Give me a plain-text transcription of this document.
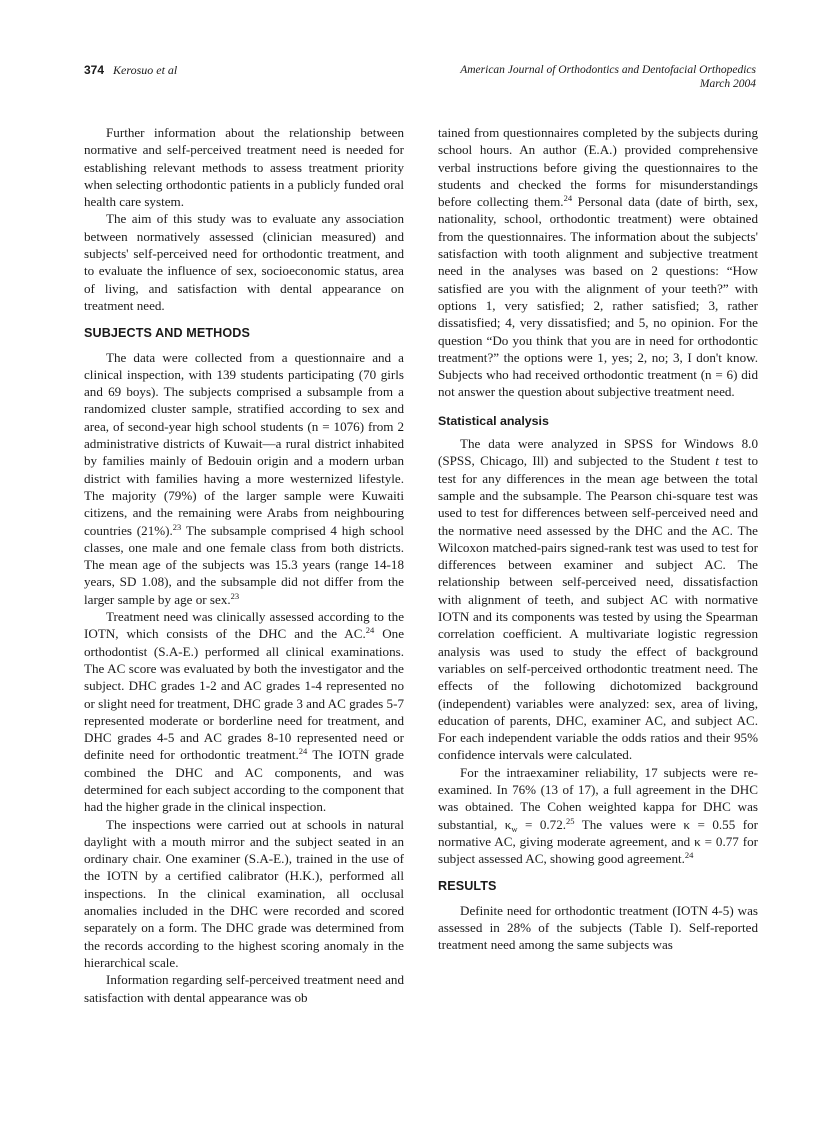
374 Kerosuo et al	American Journal of Orthodontics and Dentofacial Orthopedics
March 2004

Further information about the relationship between normative and self-perceived treatment need is needed for establishing relevant methods to assess treatment priority when selecting orthodontic patients in a publicly funded oral health care system.

The aim of this study was to evaluate any association between normatively assessed (clinician measured) and subjects' self-perceived need for orthodontic treatment, and to evaluate the influence of sex, socioeconomic status, area of living, and satisfaction with dental appearance on treatment need.

SUBJECTS AND METHODS

The data were collected from a questionnaire and a clinical inspection, with 139 students participating (70 girls and 69 boys). The subjects comprised a subsample from a randomized cluster sample, stratified according to sex and area, of second-year high school students (n = 1076) from 2 administrative districts of Kuwait—a rural district inhabited by families mainly of Bedouin origin and a modern urban district with families having a more westernized lifestyle. The majority (79%) of the larger sample were Kuwaiti citizens, and the remaining were Arabs from neighbouring countries (21%).$^{23}$ The subsample comprised 4 high school classes, one male and one female class from both districts. The mean age of the subjects was 15.3 years (range 14-18 years, SD 1.08), and the subsample did not differ from the larger sample by age or sex.$^{23}$

Treatment need was clinically assessed according to the IOTN, which consists of the DHC and the AC.$^{24}$ One orthodontist (S.A-E.) performed all clinical examinations. The AC score was evaluated by both the investigator and the subject. DHC grades 1-2 and AC grades 1-4 represented no or slight need for treatment, DHC grade 3 and AC grades 5-7 represented moderate or borderline need for treatment, and DHC grades 4-5 and AC grades 8-10 represented need or definite need for orthodontic treatment.$^{24}$ The IOTN grade combined the DHC and AC components, and was determined for each subject according to the component that had the higher grade in the clinical inspection.

The inspections were carried out at schools in natural daylight with a mouth mirror and the subject seated in an ordinary chair. One examiner (S.A-E.), trained in the use of the IOTN by a certified calibrator (H.K.), performed all inspections. In the clinical examination, all occlusal anomalies included in the DHC were recorded and scored separately on a form. The DHC grade was determined from the records according to the highest scoring anomaly in the hierarchical scale.

Information regarding self-perceived treatment need and satisfaction with dental appearance was ob

tained from questionnaires completed by the subjects during school hours. An author (E.A.) provided comprehensive verbal instructions before giving the questionnaires to the students and checked the forms for misunderstandings before collecting them.$^{24}$ Personal data (date of birth, sex, nationality, school, orthodontic treatment) were obtained from the questionnaires. The information about the subjects' satisfaction with tooth alignment and subjective treatment need in the analyses was based on 2 questions: “How satisfied are you with the alignment of your teeth?” with options 1, very satisfied; 2, rather satisfied; 3, rather dissatisfied; 4, very dissatisfied; and 5, no opinion. For the question “Do you think that you are in need for orthodontic treatment?” the options were 1, yes; 2, no; 3, I don't know. Subjects who had received orthodontic treatment (n = 6) did not answer the question about subjective treatment need.

Statistical analysis

The data were analyzed in SPSS for Windows 8.0 (SPSS, Chicago, Ill) and subjected to the Student t test to test for any differences in the mean age between the total sample and the subsample. The Pearson chi-square test was used to test for differences between self-perceived need and the normative need assessed by the DHC and the AC. The Wilcoxon matched-pairs signed-rank test was used to test for differences between examiner and subject AC. The relationship between self-perceived need, dissatisfaction with alignment of teeth, and subject AC with normative IOTN and its components was tested by using the Spearman correlation coefficient. A multivariate logistic regression analysis was used to study the effect of background variables on self-perceived orthodontic treatment need. The effects of the following dichotomized background (independent) variables were analyzed: sex, area of living, education of parents, DHC, examiner AC, and subject AC. For each independent variable the odds ratios and their 95% confidence intervals were calculated.

For the intraexaminer reliability, 17 subjects were re-examined. In 76% (13 of 17), a full agreement in the DHC was obtained. The Cohen weighted kappa for DHC was substantial, $\kappa_w = 0.72.25$ The values were κ = 0.55 for normative AC, giving moderate agreement, and κ = 0.77 for subject assessed AC, showing good agreement.$^{24}$

RESULTS

Definite need for orthodontic treatment (IOTN 4-5) was assessed in 28% of the subjects (Table I). Self-reported treatment need among the same subjects was
